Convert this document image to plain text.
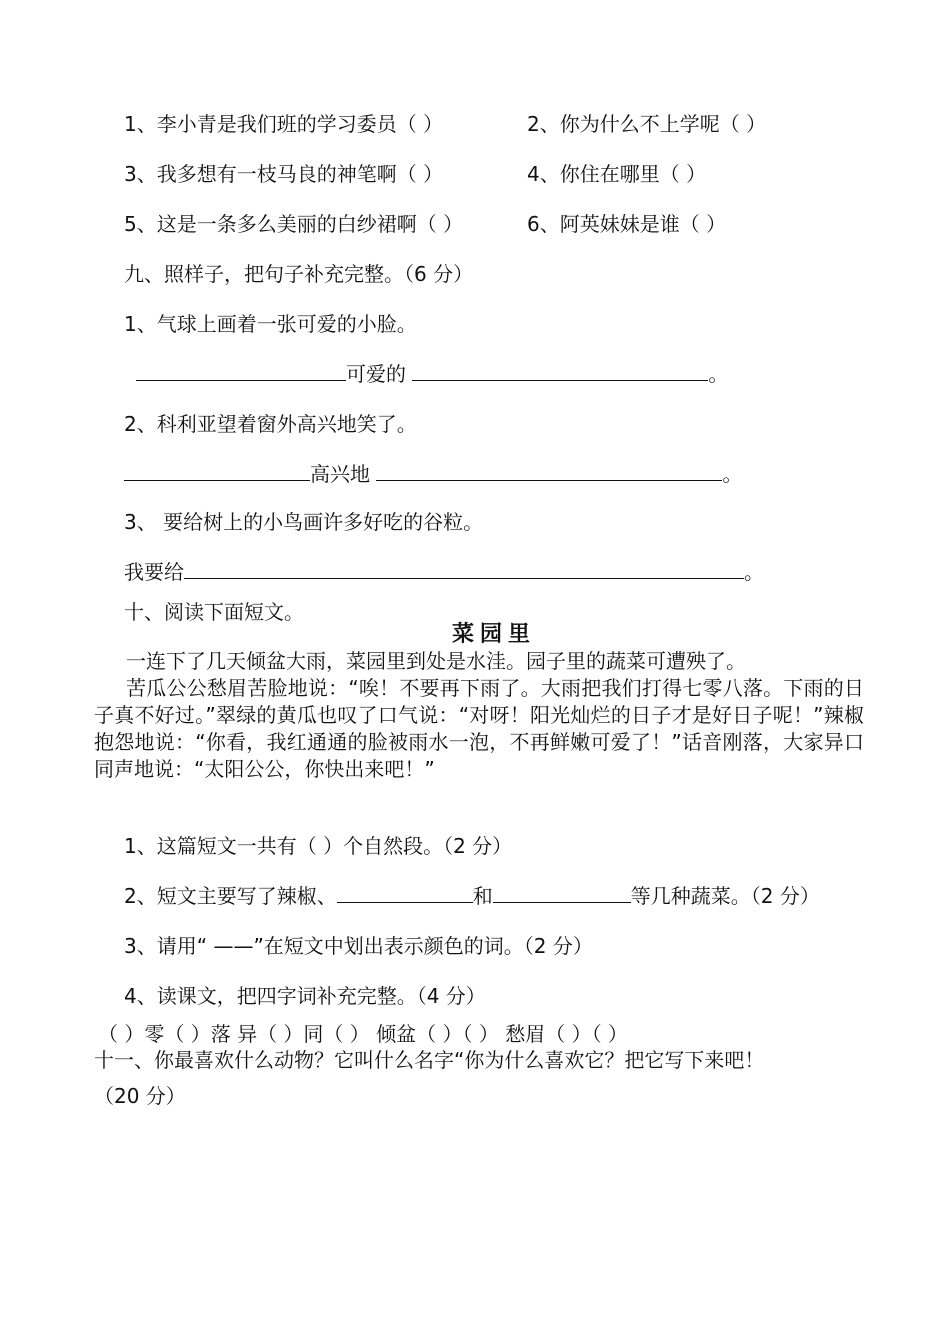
1、李小青是我们班的学习委员（ ）	2、你为什么不上学呢（ ）
3、我多想有一枝马良的神笔啊（ ）	4、你住在哪里（ ）
5、这是一条多么美丽的白纱裙啊（ ）	6、阿英妹妹是谁（ ）
九、照样子，把句子补充完整。（6 分）
1、气球上画着一张可爱的小脸。
可爱的	。
2、科利亚望着窗外高兴地笑了。
高兴地	。
3、 要给树上的小鸟画许多好吃的谷粒。
我要给	。
十、阅读下面短文。
菜园里

一连下了几天倾盆大雨，菜园里到处是水洼。园子里的蔬菜可遭殃了。

苦瓜公公愁眉苦脸地说：“唉！不要再下雨了。大雨把我们打得七零八落。下雨的日子真不好过。”翠绿的黄瓜也叹了口气说：“对呀！阳光灿烂的日子才是好日子呢！”辣椒抱怨地说：“你看，我红通通的脸被雨水一泡，不再鲜嫩可爱了！”话音刚落，大家异口同声地说：“太阳公公，你快出来吧！”

1、这篇短文一共有（ ）个自然段。（2 分）
2、短文主要写了辣椒、	和	等几种蔬菜。（2 分）
3、请用“ ——”在短文中划出表示颜色的词。（2 分）
4、读课文，把四字词补充完整。（4 分）
（ ）零（ ）落 异（ ）同（ ） 倾盆（ ）（ ） 愁眉（ ）（ ）
十一、你最喜欢什么动物？它叫什么名字“你为什么喜欢它？把它写下来吧！
（20 分）
